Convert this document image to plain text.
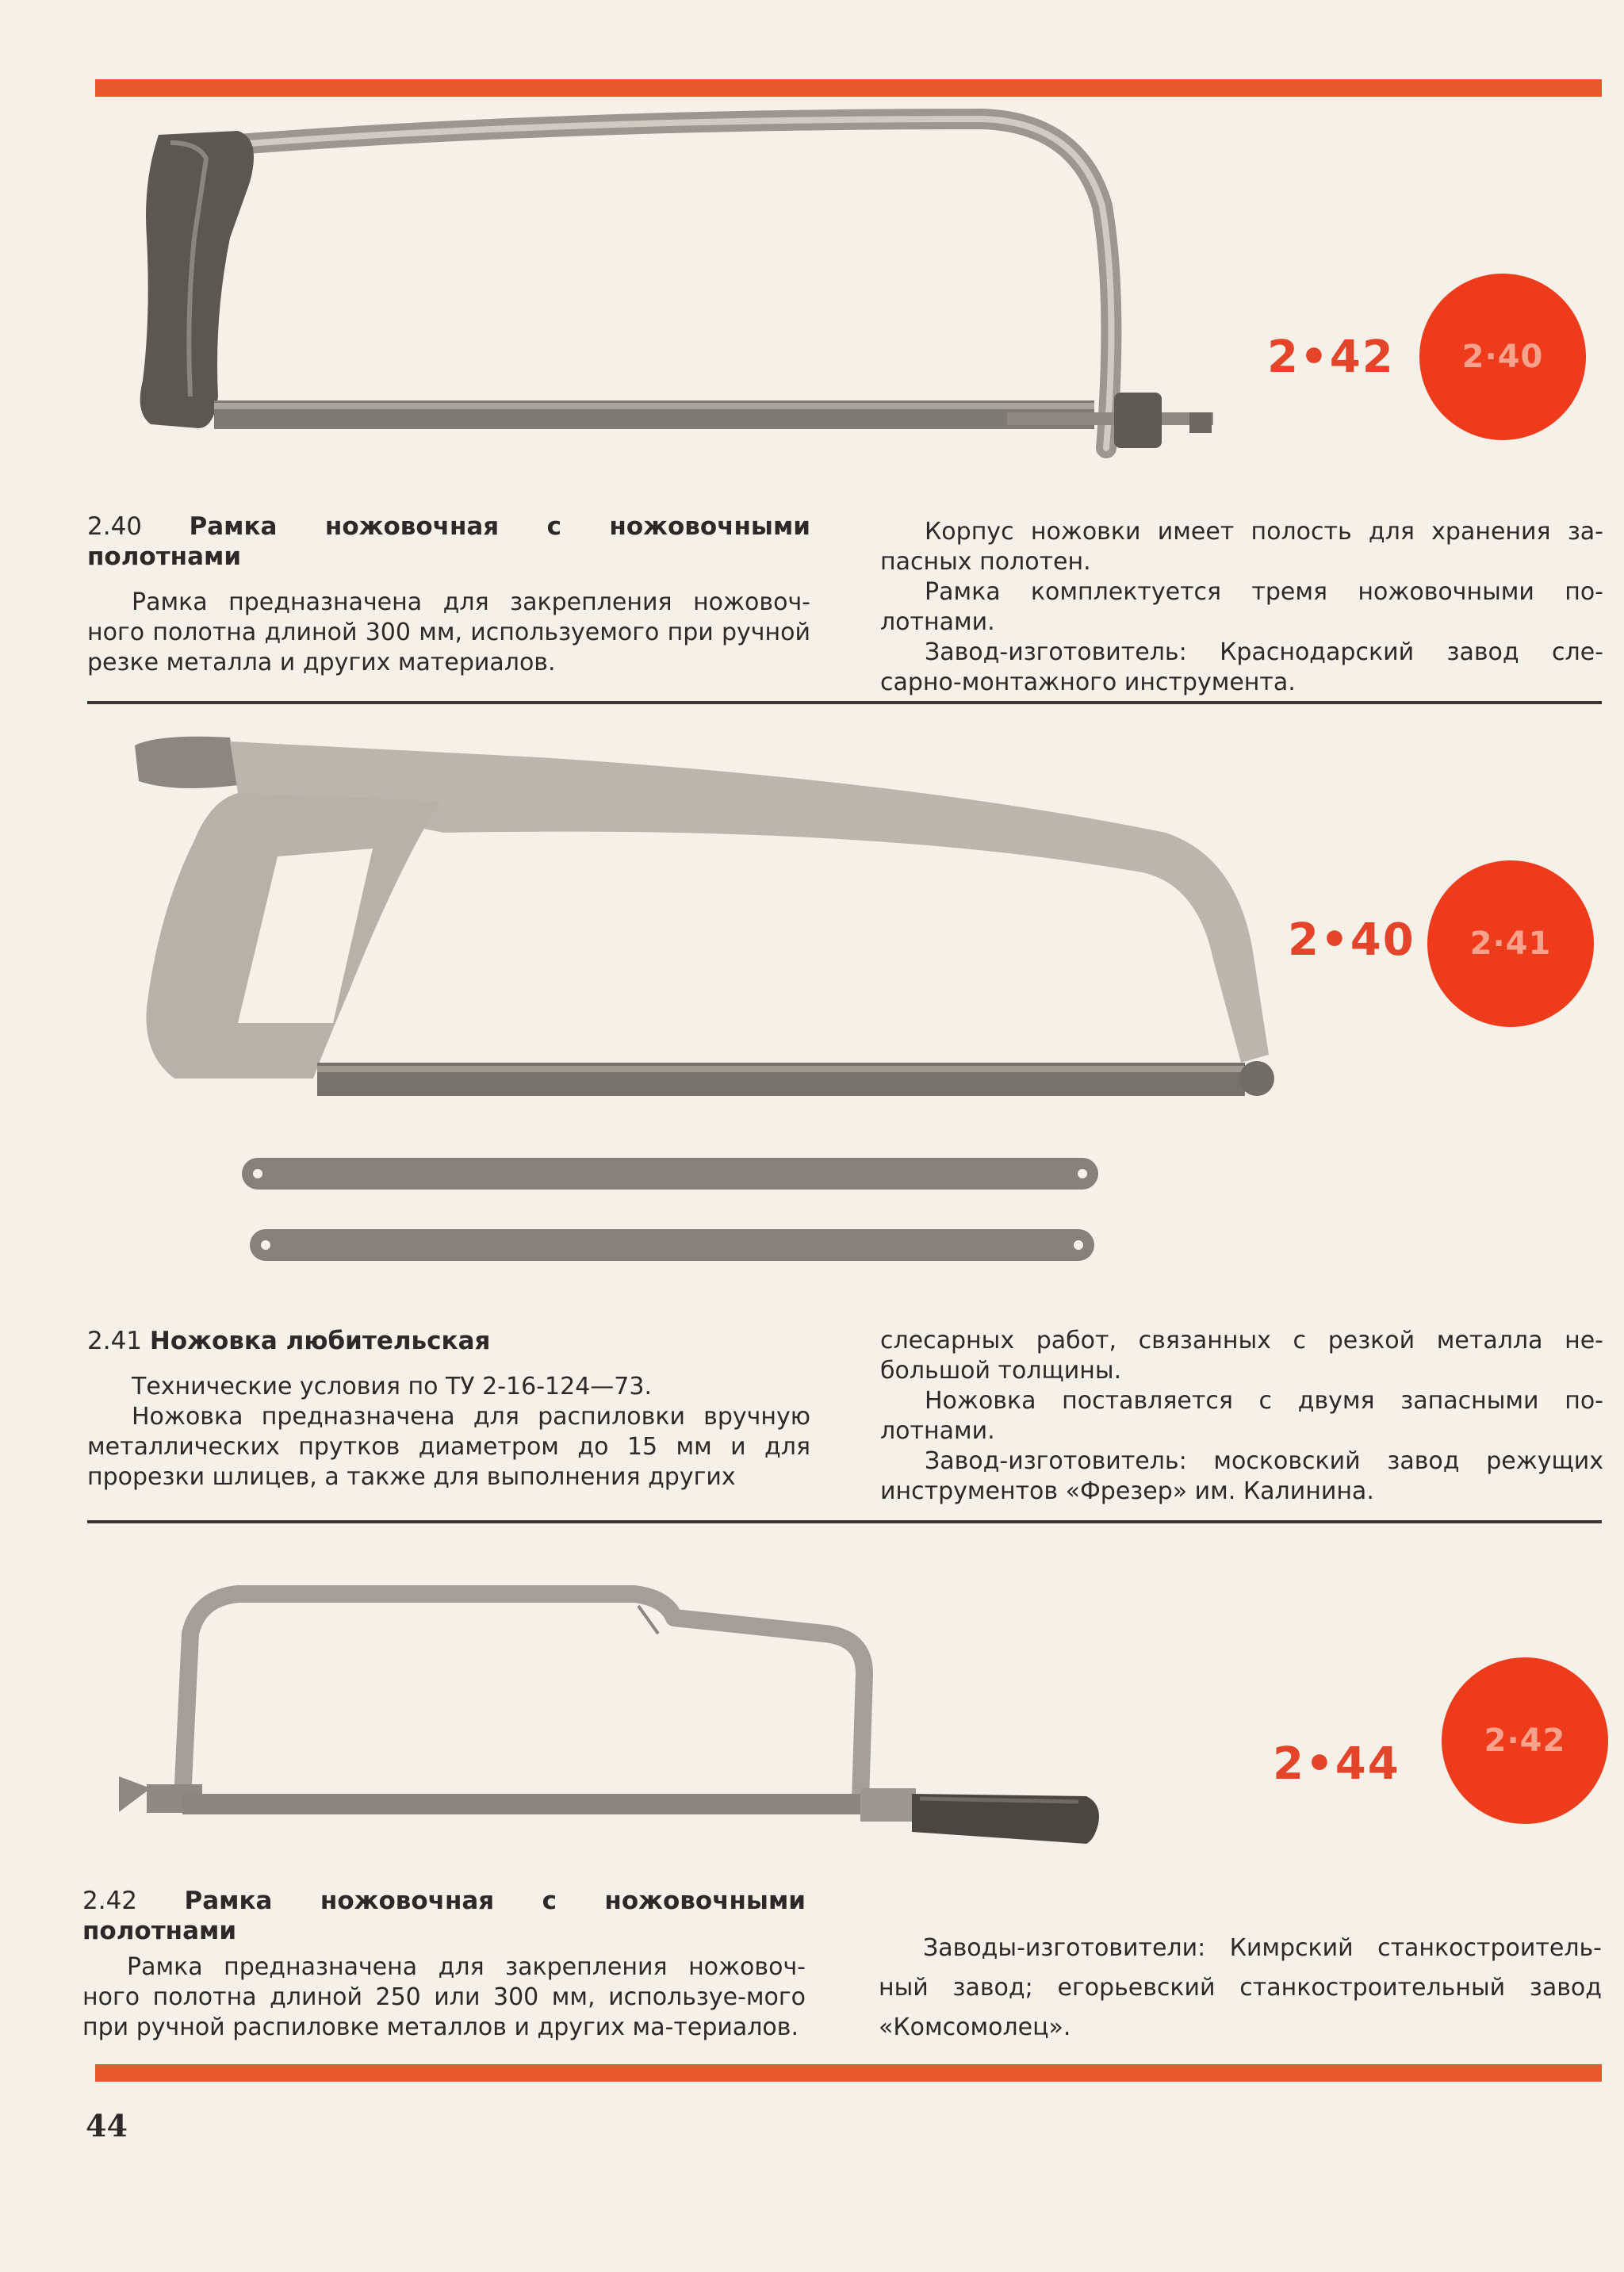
2•42 2·40

2.40 Рамка ножовочная с ножовочными полотнами

Рамка предназначена для закрепления ножовоч-ного полотна длиной 300 мм, используемого при ручной резке металла и других материалов.

Корпус ножовки имеет полость для хранения за-пасных полотен.

Рамка комплектуется тремя ножовочными по-лотнами.

Завод-изготовитель: Краснодарский завод сле-сарно-монтажного инструмента.

2•40 2·41

2.41 Ножовка любительская

Технические условия по ТУ 2-16-124—73.

Ножовка предназначена для распиловки вручную металлических прутков диаметром до 15 мм и для прорезки шлицев, а также для выполнения других

слесарных работ, связанных с резкой металла не-большой толщины.

Ножовка поставляется с двумя запасными по-лотнами.

Завод-изготовитель: московский завод режущих инструментов «Фрезер» им. Калинина.

2•44	2·42

2.42 Рамка ножовочная с ножовочными полотнами

Рамка предназначена для закрепления ножовоч-ного полотна длиной 250 или 300 мм, используе-мого при ручной распиловке металлов и других ма-териалов.

Заводы-изготовители: Кимрский станкостроитель-ный завод; егорьевский станкостроительный завод «Комсомолец».

44
